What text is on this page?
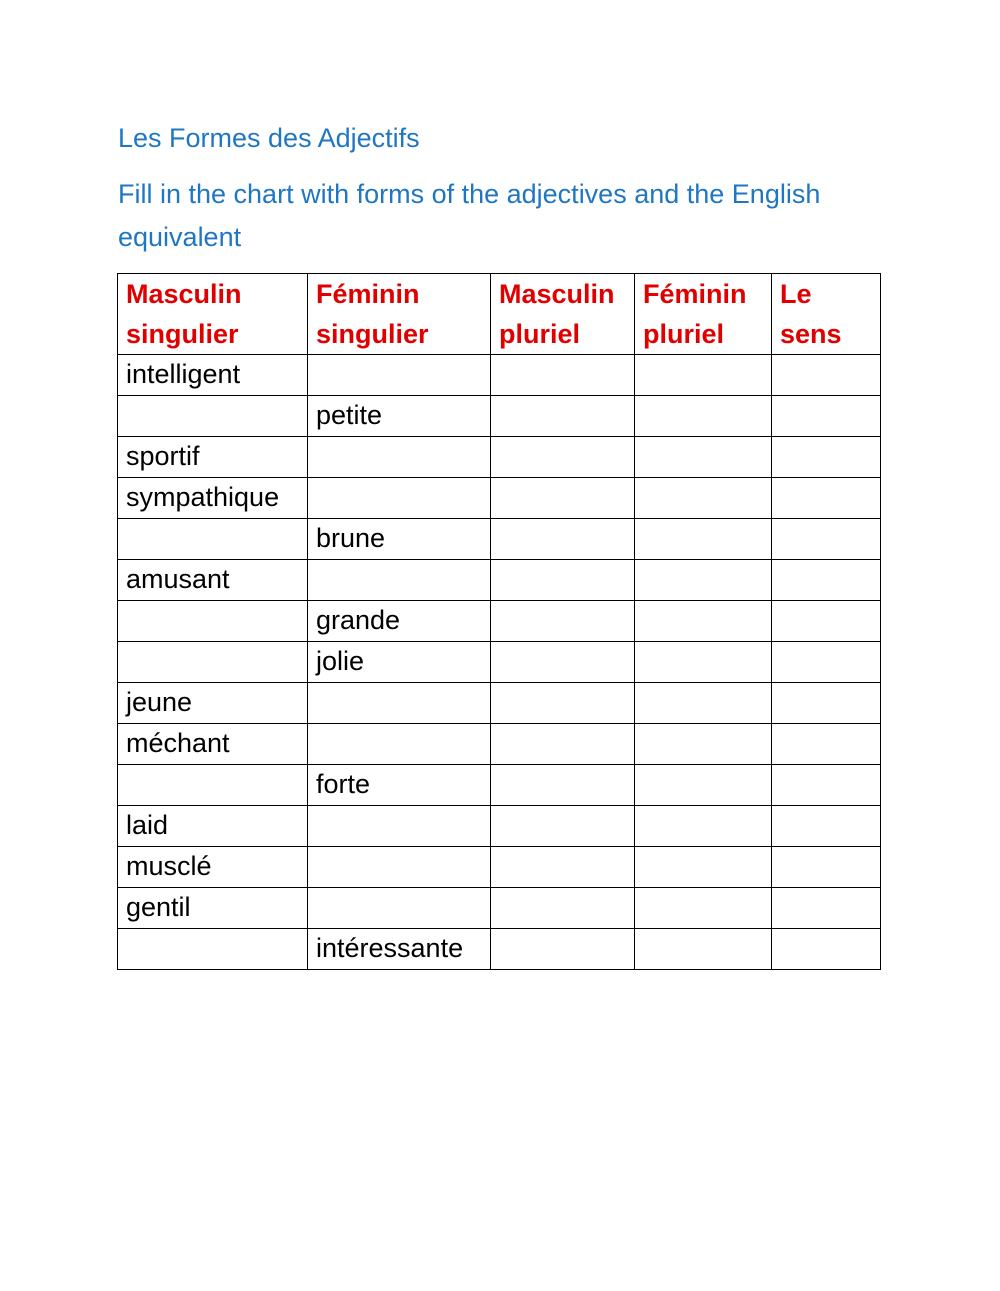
Les Formes des Adjectifs

Fill in the chart with forms of the adjectives and the English equivalent

Masculin singulier	Féminin singulier	Masculin pluriel	Féminin pluriel	Le sens
intelligent				
	petite			
sportif				
sympathique				
	brune			
amusant				
	grande			
	jolie			
jeune				
méchant				
	forte			
laid				
musclé				
gentil				
	intéressante			
